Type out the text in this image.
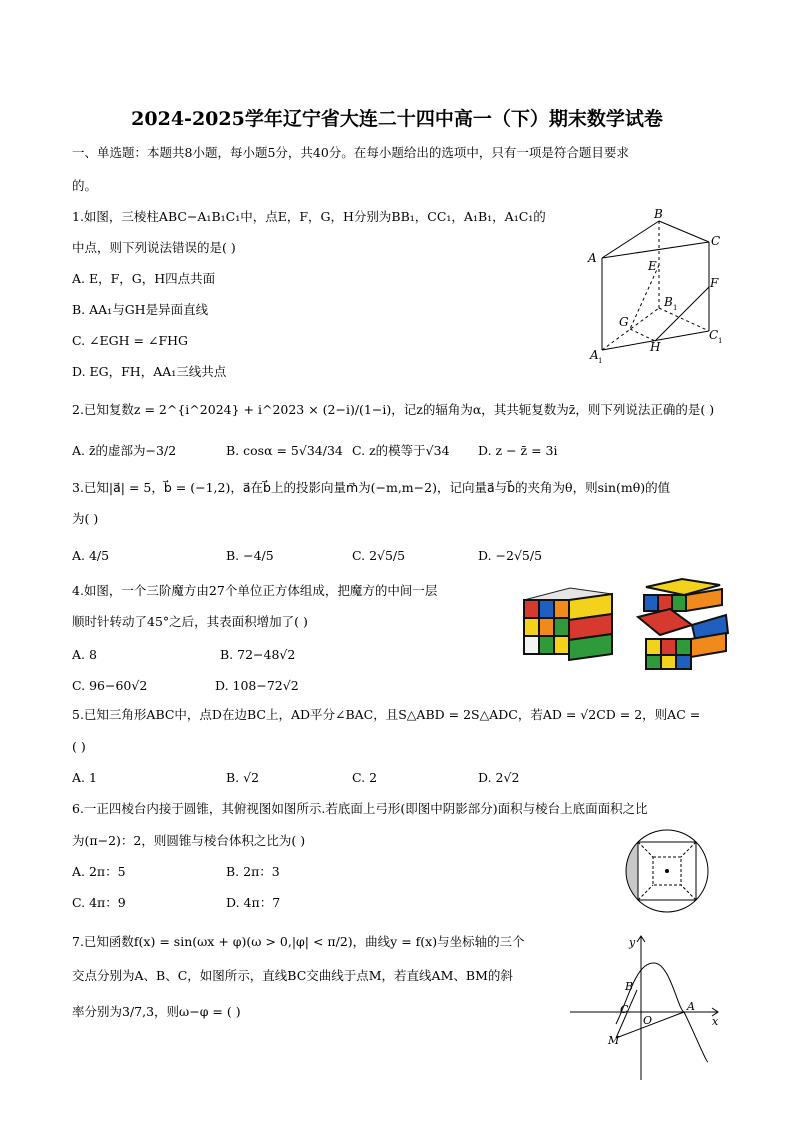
2024-2025学年辽宁省大连二十四中高一（下）期末数学试卷
一、单选题：本题共8小题，每小题5分，共40分。在每小题给出的选项中，只有一项是符合题目要求
的。
1.如图，三棱柱ABC−A₁B₁C₁中，点E，F，G，H分别为BB₁，CC₁，A₁B₁，A₁C₁的
中点，则下列说法错误的是( )
A. E，F，G，H四点共面
B. AA₁与GH是异面直线
C. ∠EGH = ∠FHG
D. EG，FH，AA₁三线共点
B
C
A
E
F
B 1
G
C 1
H
A 1
2.已知复数z = 2^{i^2024} + i^2023 × (2−i)/(1−i)，记z的辐角为α，其共轭复数为z̄，则下列说法正确的是( )
A. z̄的虚部为−3/2	B. cosα = 5√34/34 C. z的模等于√34 D. z − z̄ = 3i
3.已知|a⃗| = 5，b⃗ = (−1,2)，a⃗在b⃗上的投影向量m⃗为(−m,m−2)，记向量a⃗与b⃗的夹角为θ，则sin(mθ)的值
为( )
A. 4/5	B. −4/5	C. 2√5/5	D. −2√5/5
4.如图，一个三阶魔方由27个单位正方体组成，把魔方的中间一层
顺时针转动了45°之后，其表面积增加了( )
A. 8	B. 72−48√2
C. 96−60√2	D. 108−72√2
5.已知三角形ABC中，点D在边BC上，AD平分∠BAC，且S△ABD = 2S△ADC，若AD = √2CD = 2，则AC =
( )
A. 1	B. √2	C. 2	D. 2√2
6.一正四棱台内接于圆锥，其俯视图如图所示.若底面上弓形(即图中阴影部分)面积与棱台上底面面积之比
为(π−2)：2，则圆锥与棱台体积之比为( )
A. 2π：5	B. 2π：3
C. 4π：9	D. 4π：7
7.已知函数f(x) = sin(ωx + φ)(ω > 0,|φ| < π/2)，曲线y = f(x)与坐标轴的三个
交点分别为A、B、C，如图所示，直线BC交曲线于点M，若直线AM、BM的斜
率分别为3/7,3，则ω−φ = ( )
y
x
B
C
O
A
M
